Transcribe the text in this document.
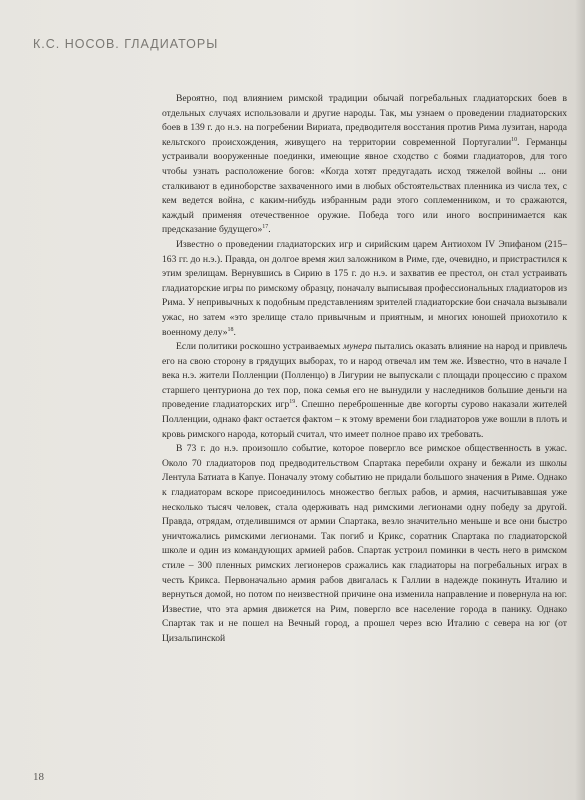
К.С. НОСОВ. ГЛАДИАТОРЫ

Вероятно, под влиянием римской традиции обычай погребальных гладиаторских боев в отдельных случаях использовали и другие народы. Так, мы узнаем о проведении гладиаторских боев в 139 г. до н.э. на погребении Вириата, предводителя восстания против Рима лузитан, народа кельтского происхождения, живущего на территории современной Португалии$^{10}$. Германцы устраивали вооруженные поединки, имеющие явное сходство с боями гладиаторов, для того чтобы узнать расположение богов: «Когда хотят предугадать исход тяжелой войны ... они сталкивают в единоборстве захваченного ими в любых обстоятельствах пленника из числа тех, с кем ведется война, с каким-нибудь избранным ради этого соплеменником, и то сражаются, каждый применяя отечественное оружие. Победа того или иного воспринимается как предсказание будущего»$^{17}$.

Известно о проведении гладиаторских игр и сирийским царем Антиохом IV Эпифаном (215–163 гг. до н.э.). Правда, он долгое время жил заложником в Риме, где, очевидно, и пристрастился к этим зрелищам. Вернувшись в Сирию в 175 г. до н.э. и захватив ее престол, он стал устраивать гладиаторские игры по римскому образцу, поначалу выписывая профессиональных гладиаторов из Рима. У непривычных к подобным представлениям зрителей гладиаторские бои сначала вызывали ужас, но затем «это зрелище стало привычным и приятным, и многих юношей приохотило к военному делу»$^{18}$.

Если политики роскошно устраиваемых мунера пытались оказать влияние на народ и привлечь его на свою сторону в грядущих выборах, то и народ отвечал им тем же. Известно, что в начале I века н.э. жители Полленции (Полленцо) в Лигурии не выпускали с площади процессию с прахом старшего центуриона до тех пор, пока семья его не вынудили у наследников большие деньги на проведение гладиаторских игр$^{19}$. Спешно переброшенные две когорты сурово наказали жителей Полленции, однако факт остается фактом – к этому времени бои гладиаторов уже вошли в плоть и кровь римского народа, который считал, что имеет полное право их требовать.

В 73 г. до н.э. произошло событие, которое повергло все римское общественность в ужас. Около 70 гладиаторов под предводительством Спартака перебили охрану и бежали из школы Лентула Батиата в Капуе. Поначалу этому событию не придали большого значения в Риме. Однако к гладиаторам вскоре присоединилось множество беглых рабов, и армия, насчитывавшая уже несколько тысяч человек, стала одерживать над римскими легионами одну победу за другой. Правда, отрядам, отделившимся от армии Спартака, везло значительно меньше и все они быстро уничтожались римскими легионами. Так погиб и Крикс, соратник Спартака по гладиаторской школе и один из командующих армией рабов. Спартак устроил поминки в честь него в римском стиле – 300 пленных римских легионеров сражались как гладиаторы на погребальных играх в честь Крикса. Первоначально армия рабов двигалась к Галлии в надежде покинуть Италию и вернуться домой, но потом по неизвестной причине она изменила направление и повернула на юг. Известие, что эта армия движется на Рим, повергло все население города в панику. Однако Спартак так и не пошел на Вечный город, а прошел через всю Италию с севера на юг (от Цизальпинской

18
